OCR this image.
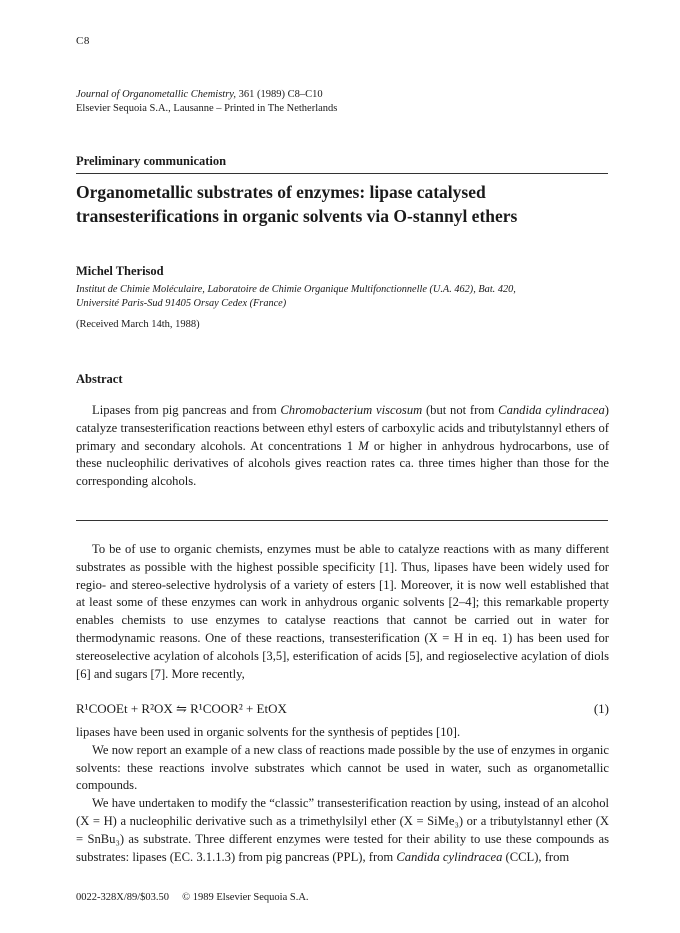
C8
Journal of Organometallic Chemistry, 361 (1989) C8–C10
Elsevier Sequoia S.A., Lausanne – Printed in The Netherlands
Preliminary communication
Organometallic substrates of enzymes: lipase catalysed
transesterifications in organic solvents via O-stannyl ethers
Michel Therisod
Institut de Chimie Moléculaire, Laboratoire de Chimie Organique Multifonctionnelle (U.A. 462), Bat. 420,
Université Paris-Sud 91405 Orsay Cedex (France)
(Received March 14th, 1988)
Abstract

Lipases from pig pancreas and from Chromobacterium viscosum (but not from Candida cylindracea) catalyze transesterification reactions between ethyl esters of carboxylic acids and tributylstannyl ethers of primary and secondary alcohols. At concentrations 1 M or higher in anhydrous hydrocarbons, use of these nucleophilic derivatives of alcohols gives reaction rates ca. three times higher than those for the corresponding alcohols.

To be of use to organic chemists, enzymes must be able to catalyze reactions with as many different substrates as possible with the highest possible specificity [1]. Thus, lipases have been widely used for regio- and stereo-selective hydrolysis of a variety of esters [1]. Moreover, it is now well established that at least some of these enzymes can work in anhydrous organic solvents [2–4]; this remarkable property enables chemists to use enzymes to catalyse reactions that cannot be carried out in water for thermodynamic reasons. One of these reactions, transesterification (X = H in eq. 1) has been used for stereoselective acylation of alcohols [3,5], esterification of acids [5], and regioselective acylation of diols [6] and sugars [7]. More recently,

R¹COOEt + R²OX ⇋ R¹COOR² + EtOX	(1)

lipases have been used in organic solvents for the synthesis of peptides [10].

We now report an example of a new class of reactions made possible by the use of enzymes in organic solvents: these reactions involve substrates which cannot be used in water, such as organometallic compounds.

We have undertaken to modify the “classic” transesterification reaction by using, instead of an alcohol (X = H) a nucleophilic derivative such as a trimethylsilyl ether (X = SiMe₃) or a tributylstannyl ether (X = SnBu₃) as substrate. Three different enzymes were tested for their ability to use these compounds as substrates: lipases (EC. 3.1.1.3) from pig pancreas (PPL), from Candida cylindracea (CCL), from

0022-328X/89/$03.50     © 1989 Elsevier Sequoia S.A.
